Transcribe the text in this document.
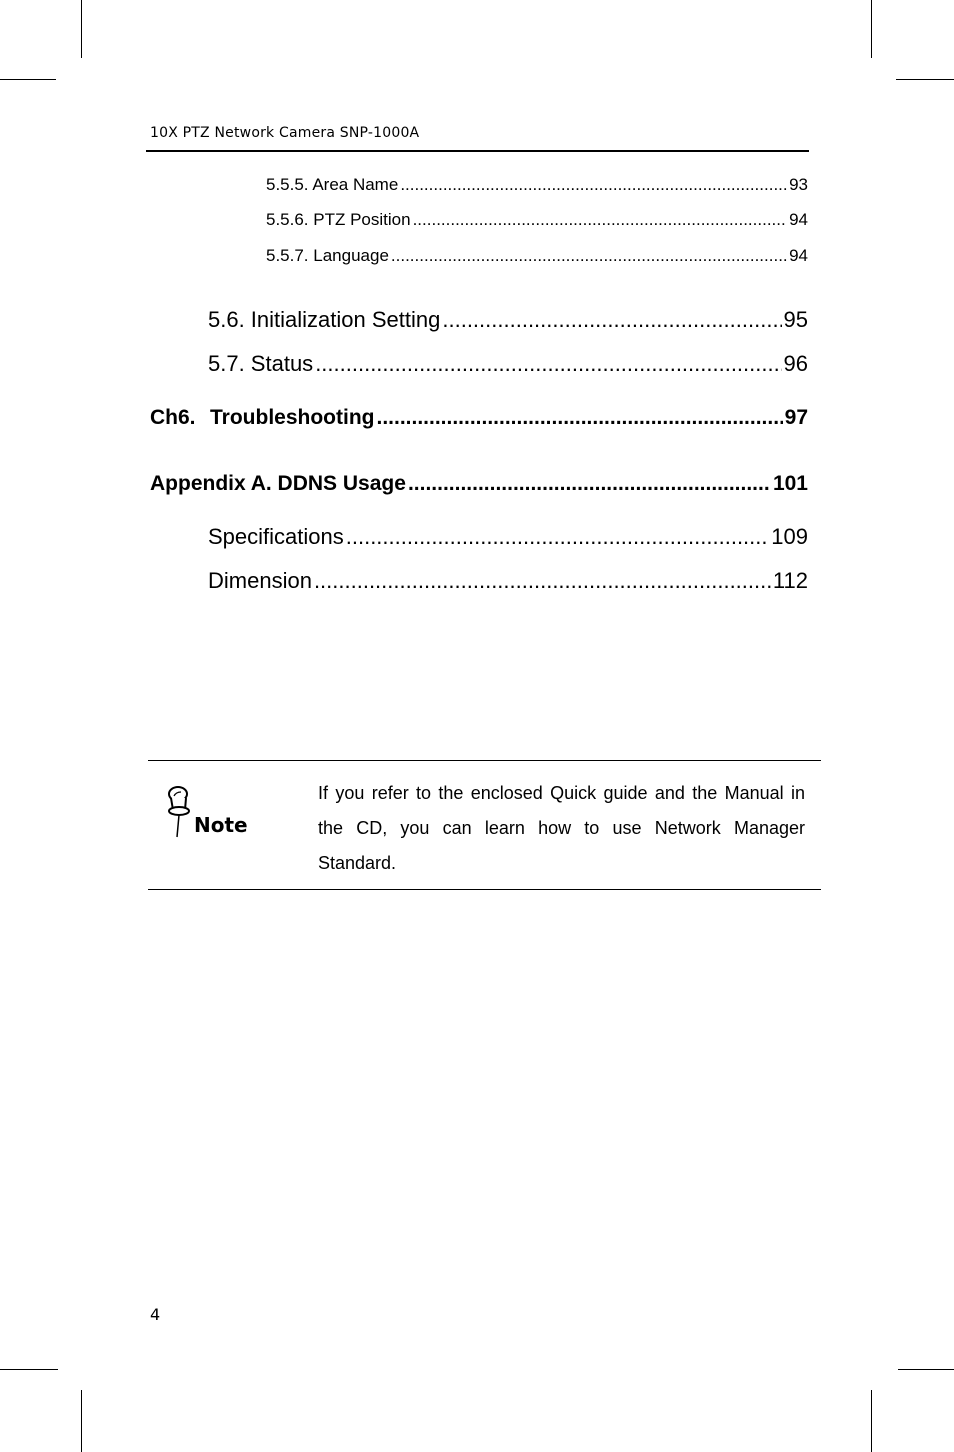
10X PTZ Network Camera SNP-1000A
5.5.5. Area Name .....	93
5.5.6. PTZ Position .....	94
5.5.7. Language .....	94
5.6. Initialization Setting .....	95
5.7. Status .....	96
Ch6. Troubleshooting .....	97
Appendix A. DDNS Usage .....	101
Specifications .....	109
Dimension .....	112
Note
If you refer to the enclosed Quick guide and the Manual in the CD, you can learn how to use Network Manager Standard.
4
